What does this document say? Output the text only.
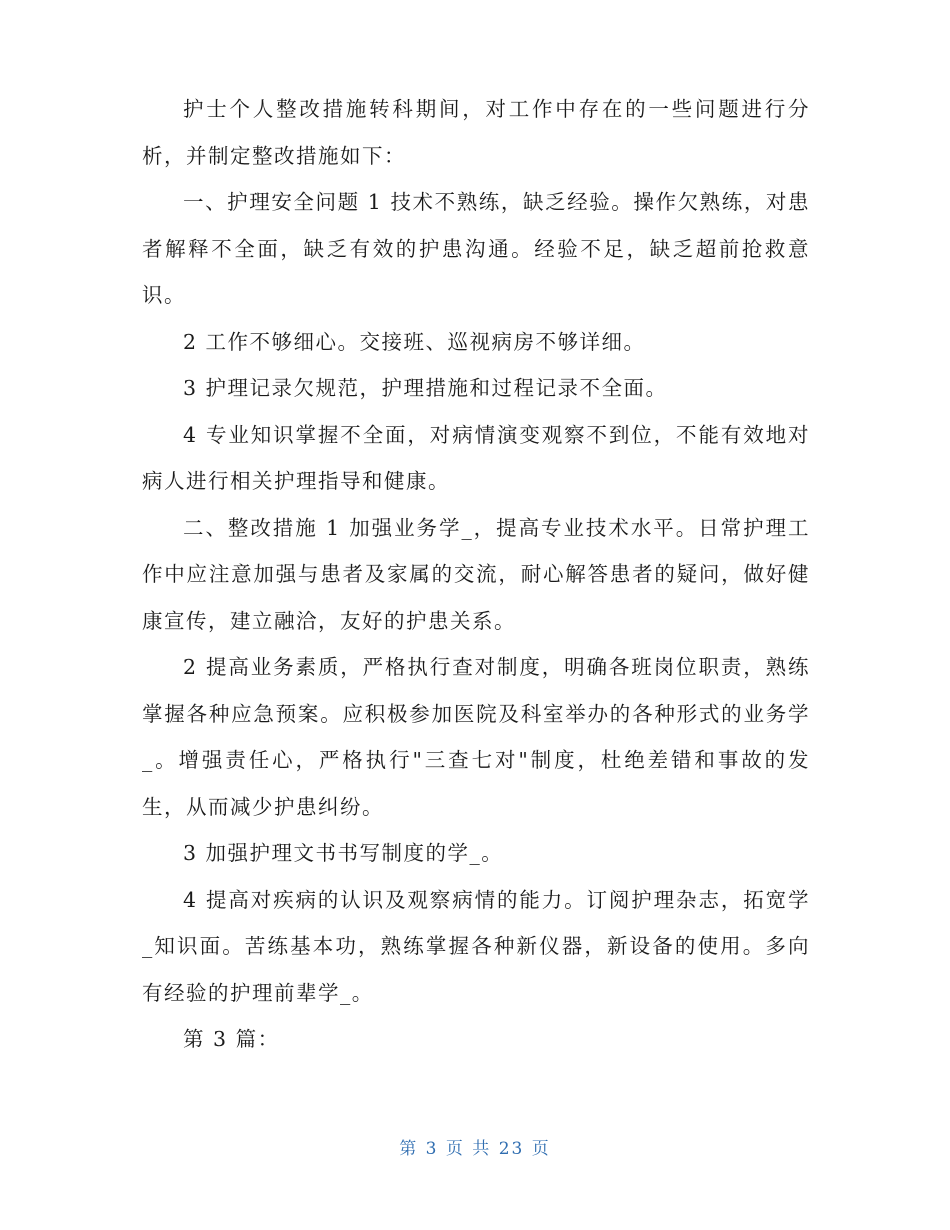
护士个人整改措施转科期间，对工作中存在的一些问题进行分析，并制定整改措施如下：

一、护理安全问题 1 技术不熟练，缺乏经验。操作欠熟练，对患者解释不全面，缺乏有效的护患沟通。经验不足，缺乏超前抢救意识。

2 工作不够细心。交接班、巡视病房不够详细。

3 护理记录欠规范，护理措施和过程记录不全面。

4 专业知识掌握不全面，对病情演变观察不到位，不能有效地对病人进行相关护理指导和健康。

二、整改措施 1 加强业务学_，提高专业技术水平。日常护理工作中应注意加强与患者及家属的交流，耐心解答患者的疑问，做好健康宣传，建立融洽，友好的护患关系。

2 提高业务素质，严格执行查对制度，明确各班岗位职责，熟练掌握各种应急预案。应积极参加医院及科室举办的各种形式的业务学_。增强责任心，严格执行"三查七对"制度，杜绝差错和事故的发生，从而减少护患纠纷。

3 加强护理文书书写制度的学_。

4 提高对疾病的认识及观察病情的能力。订阅护理杂志，拓宽学_知识面。苦练基本功，熟练掌握各种新仪器，新设备的使用。多向有经验的护理前辈学_。

第 3 篇：

第 3 页 共 23 页
